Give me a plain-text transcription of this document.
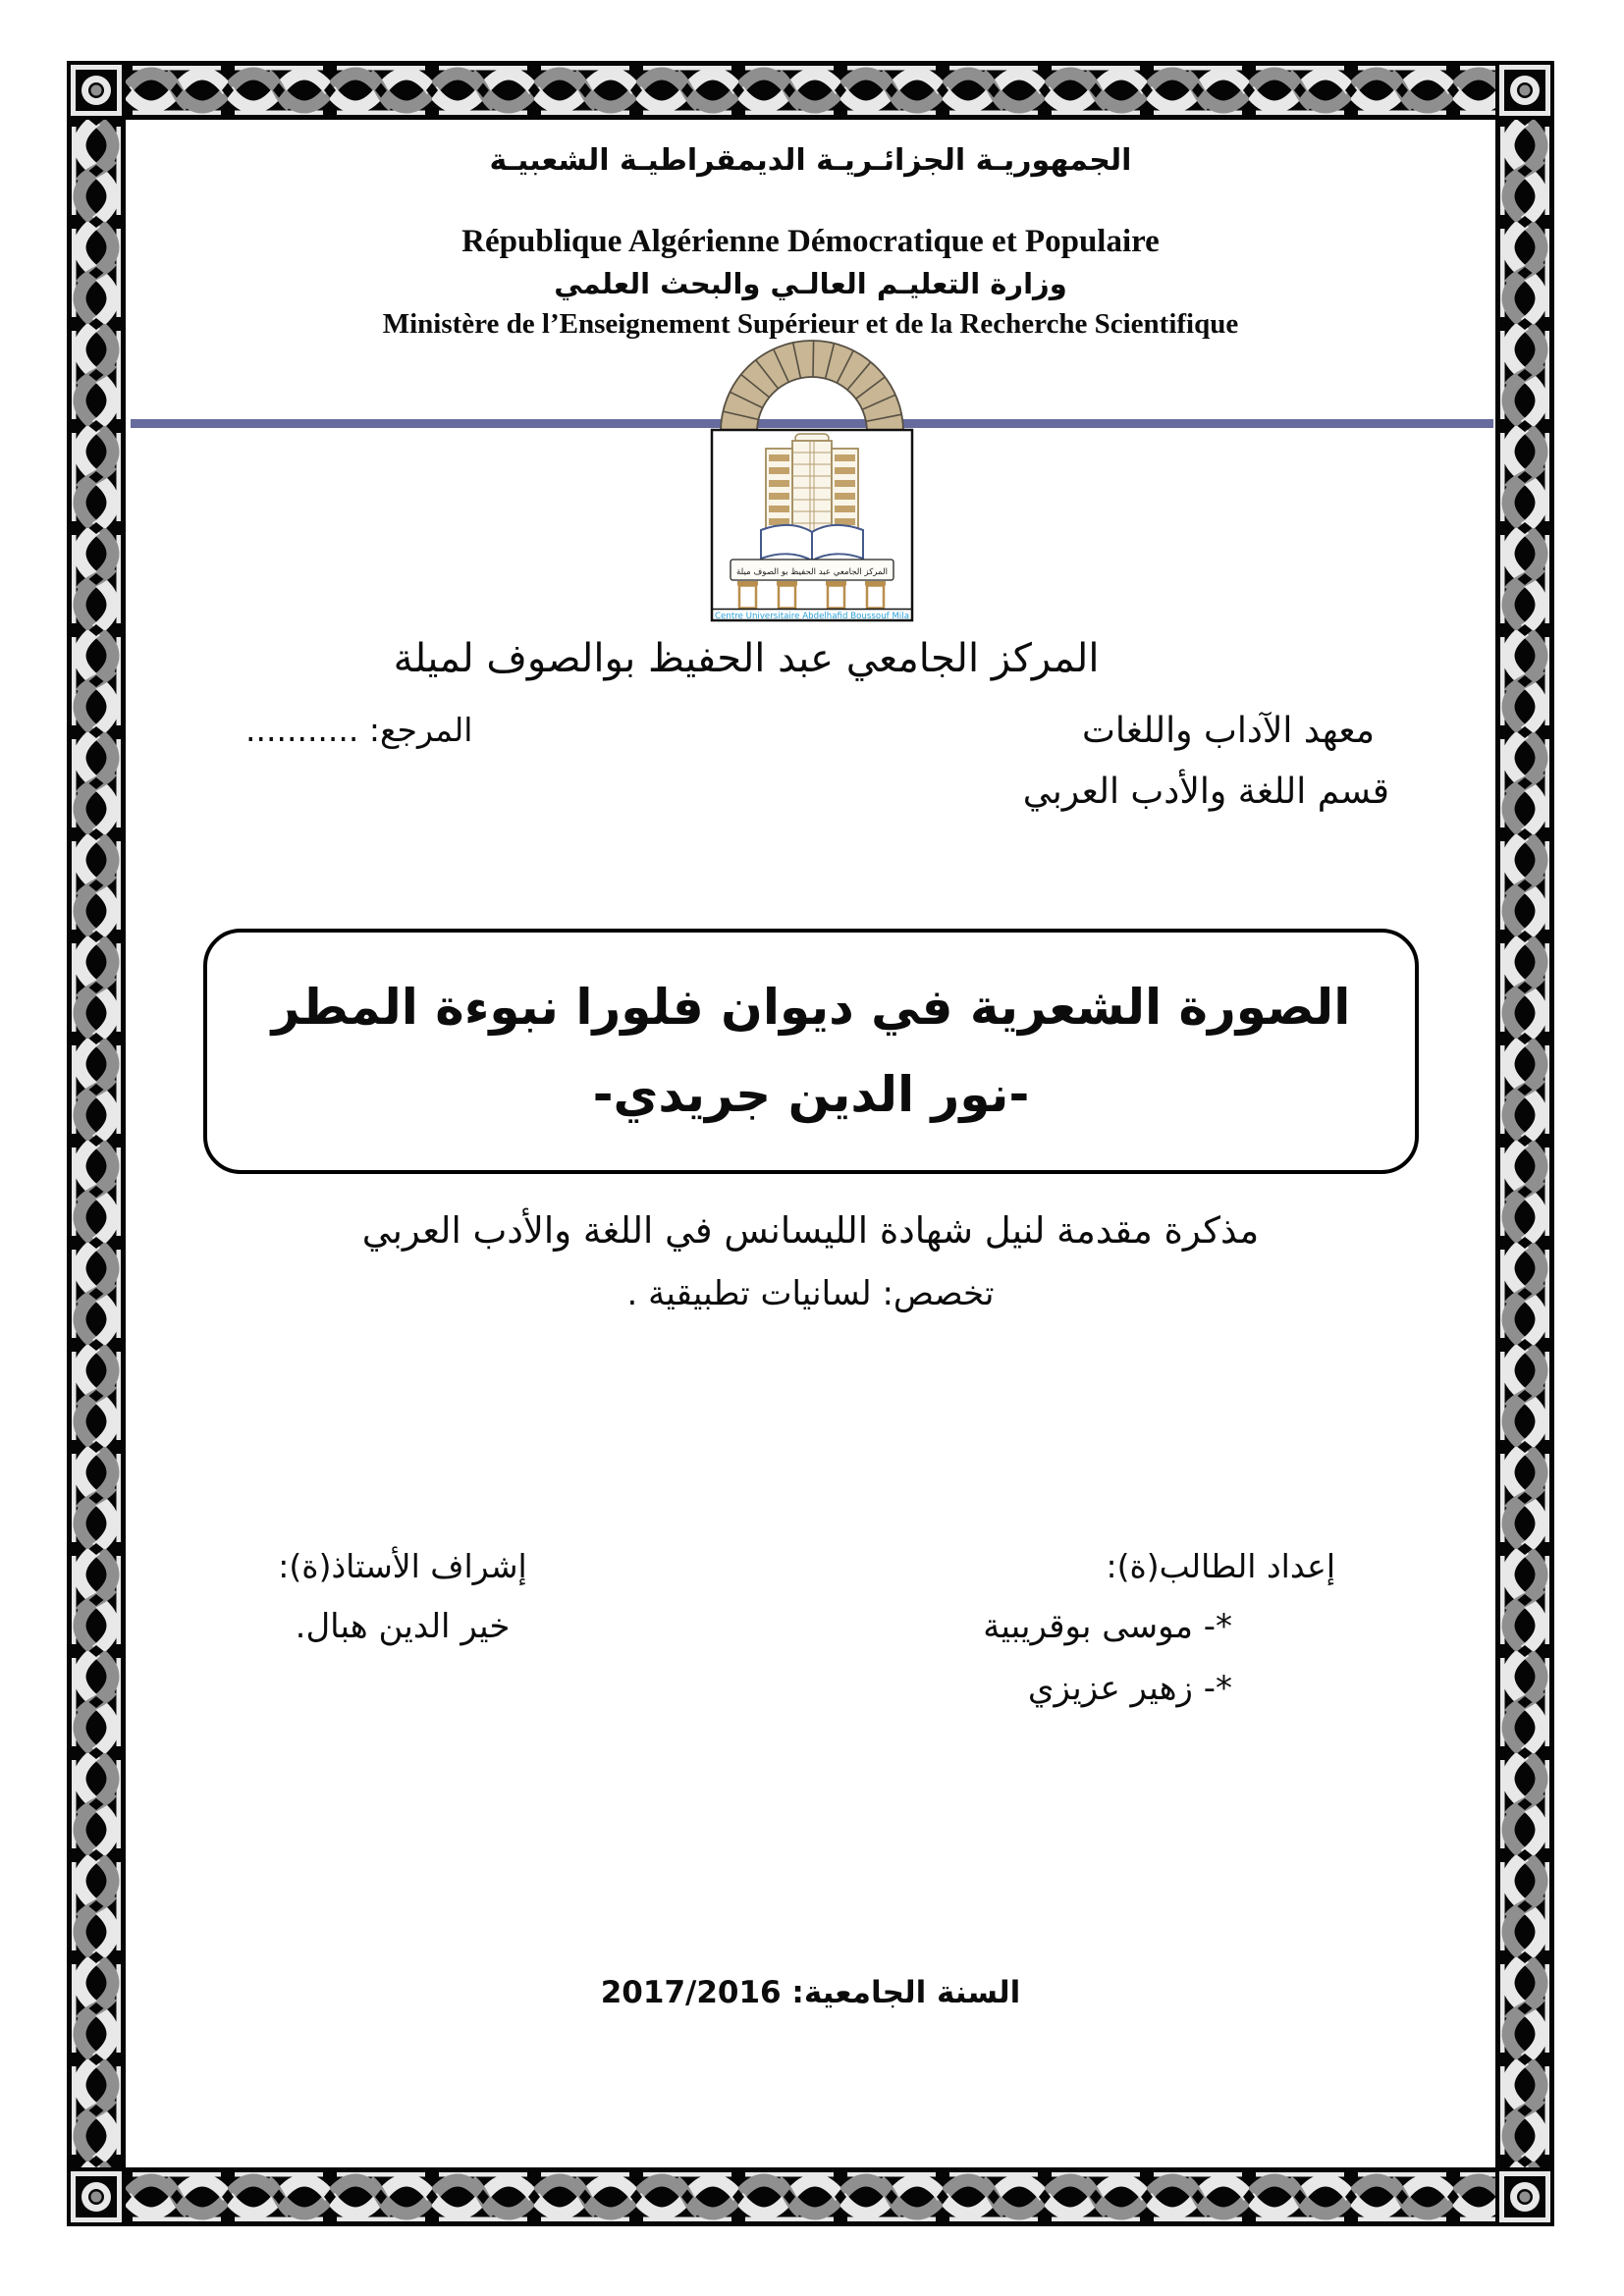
الجمهوريـة الجزائـريـة الديمقراطيـة الشعبيـة
République Algérienne Démocratique et Populaire
وزارة التعليـم العالـي والبحث العلمي
Ministère de l’Enseignement Supérieur et de la Recherche Scientifique
المركز الجامعي عبد الحفيظ بو الصوف ميلة
Centre Universitaire Abdelhafid Boussouf Mila
المركز الجامعي عبد الحفيظ بوالصوف لميلة
معهد الآداب واللغات
المرجع: ...........
قسم اللغة والأدب العربي
الصورة الشعرية في ديوان فلورا نبوءة المطر
-نور الدين جريدي-
مذكرة مقدمة لنيل شهادة الليسانس في اللغة والأدب العربي
تخصص: لسانيات تطبيقية .
إعداد الطالب(ة):
*- موسى بوقريبية
*- زهير عزيزي
إشراف الأستاذ(ة):
خير الدين هبال.
السنة الجامعية: 2017/2016
